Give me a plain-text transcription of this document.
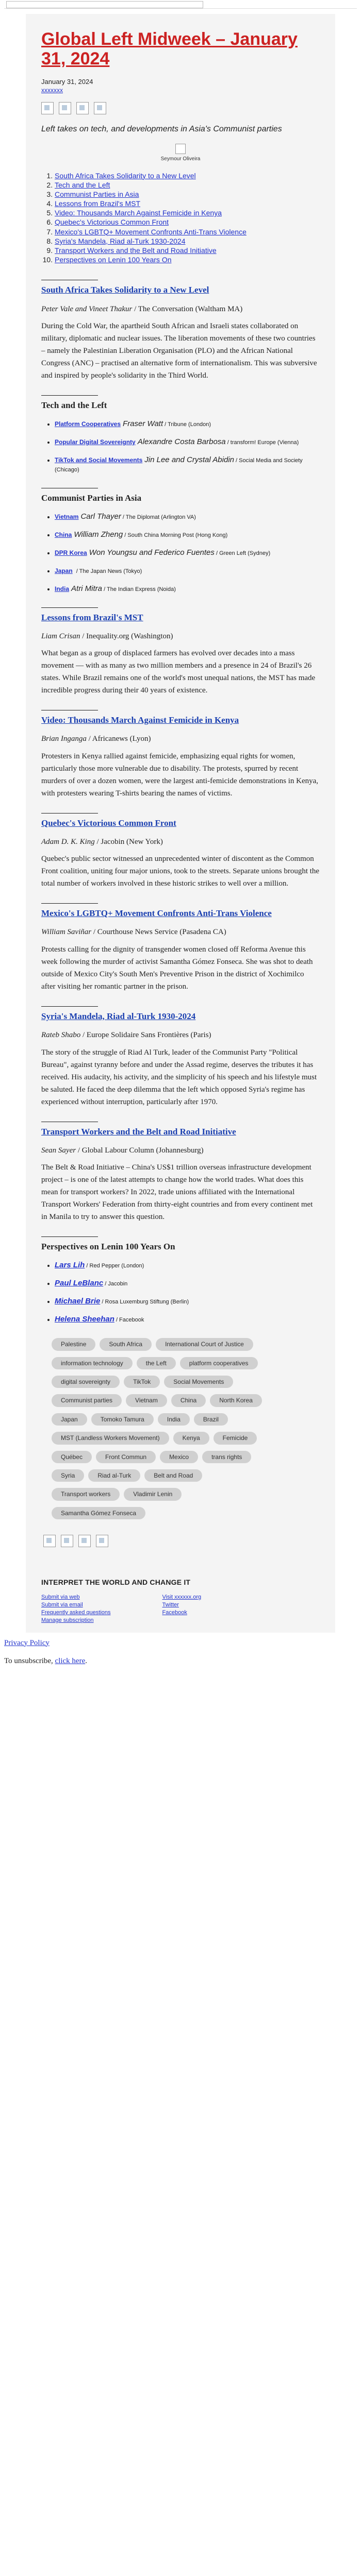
Global Left Midweek – January 31, 2024
January 31, 2024
xxxxxxx

Left takes on tech, and developments in Asia's Communist parties

Seymour Oliveira
1. South Africa Takes Solidarity to a New Level
2. Tech and the Left
3. Communist Parties in Asia
4. Lessons from Brazil's MST
5. Video: Thousands March Against Femicide in Kenya
6. Quebec's Victorious Common Front
7. Mexico's LGBTQ+ Movement Confronts Anti-Trans Violence
8. Syria's Mandela, Riad al-Turk 1930-2024
9. Transport Workers and the Belt and Road Initiative
10. Perspectives on Lenin 100 Years On
South Africa Takes Solidarity to a New Level
Peter Vale and Vineet Thakur / The Conversation (Waltham MA)

During the Cold War, the apartheid South African and Israeli states collaborated on military, diplomatic and nuclear issues. The liberation movements of these two countries – namely the Palestinian Liberation Organisation (PLO) and the African National Congress (ANC) – practised an alternative form of internationalism. This was subversive and inspired by people's solidarity in the Third World.

Tech and the Left
• Platform Cooperatives Fraser Watt / Tribune (London)
• Popular Digital Sovereignty Alexandre Costa Barbosa / transform! Europe (Vienna)
• TikTok and Social Movements Jin Lee and Crystal Abidin / Social Media and Society (Chicago)
Communist Parties in Asia
• Vietnam Carl Thayer / The Diplomat (Arlington VA)
• China William Zheng / South China Morning Post (Hong Kong)
• DPR Korea Won Youngsu and Federico Fuentes / Green Left (Sydney)
• Japan / The Japan News (Tokyo)
• India Atri Mitra / The Indian Express (Noida)
Lessons from Brazil's MST
Liam Crisan / Inequality.org (Washington)

What began as a group of displaced farmers has evolved over decades into a mass movement — with as many as two million members and a presence in 24 of Brazil's 26 states. While Brazil remains one of the world's most unequal nations, the MST has made incredible progress during their 40 years of existence.

Video: Thousands March Against Femicide in Kenya
Brian Inganga / Africanews (Lyon)

Protesters in Kenya rallied against femicide, emphasizing equal rights for women, particularly those more vulnerable due to disability. The protests, spurred by recent murders of over a dozen women, were the largest anti-femicide demonstrations in Kenya, with protesters wearing T-shirts bearing the names of victims.

Quebec's Victorious Common Front
Adam D. K. King / Jacobin (New York)

Quebec's public sector witnessed an unprecedented winter of discontent as the Common Front coalition, uniting four major unions, took to the streets. Separate unions brought the total number of workers involved in these historic strikes to well over a million.

Mexico's LGBTQ+ Movement Confronts Anti-Trans Violence
William Saviñar / Courthouse News Service (Pasadena CA)

Protests calling for the dignity of transgender women closed off Reforma Avenue this week following the murder of activist Samantha Gómez Fonseca. She was shot to death outside of Mexico City's South Men's Preventive Prison in the district of Xochimilco after visiting her romantic partner in the prison.

Syria's Mandela, Riad al-Turk 1930-2024
Rateb Shabo / Europe Solidaire Sans Frontières (Paris)

The story of the struggle of Riad Al Turk, leader of the Communist Party "Political Bureau", against tyranny before and under the Assad regime, deserves the tributes it has received. His audacity, his activity, and the simplicity of his speech and his lifestyle must be saluted. He faced the deep dilemma that the left which opposed Syria's regime has experienced without interruption, particularly after 1970.

Transport Workers and the Belt and Road Initiative
Sean Sayer / Global Labour Column (Johannesburg)

The Belt & Road Initiative – China's US$1 trillion overseas infrastructure development project – is one of the latest attempts to change how the world trades. What does this mean for transport workers? In 2022, trade unions affiliated with the International Transport Workers' Federation from thirty-eight countries and from every continent met in Manila to try to answer this question.

Perspectives on Lenin 100 Years On
• Lars Lih / Red Pepper (London)
• Paul LeBlanc / Jacobin
• Michael Brie / Rosa Luxemburg Stiftung (Berlin)
• Helena Sheehan / Facebook
Palestine	South Africa	International Court of Justice
information technology	the Left	platform cooperatives
digital sovereignty	TikTok	Social Movements
Communist parties	Vietnam	China	North Korea
Japan	Tomoko Tamura	India	Brazil
MST (Landless Workers Movement)	Kenya	Femicide
Québec	Front Commun	Mexico	trans rights
Syria	Riad al-Turk	Belt and Road
Transport workers	Vladimir Lenin
Samantha Gómez Fonseca
INTERPRET THE WORLD AND CHANGE IT
Submit via web
Submit via email
Frequently asked questions
Manage subscription
Visit xxxxxx.org
Twitter
Facebook
Privacy Policy
To unsubscribe, click here.
